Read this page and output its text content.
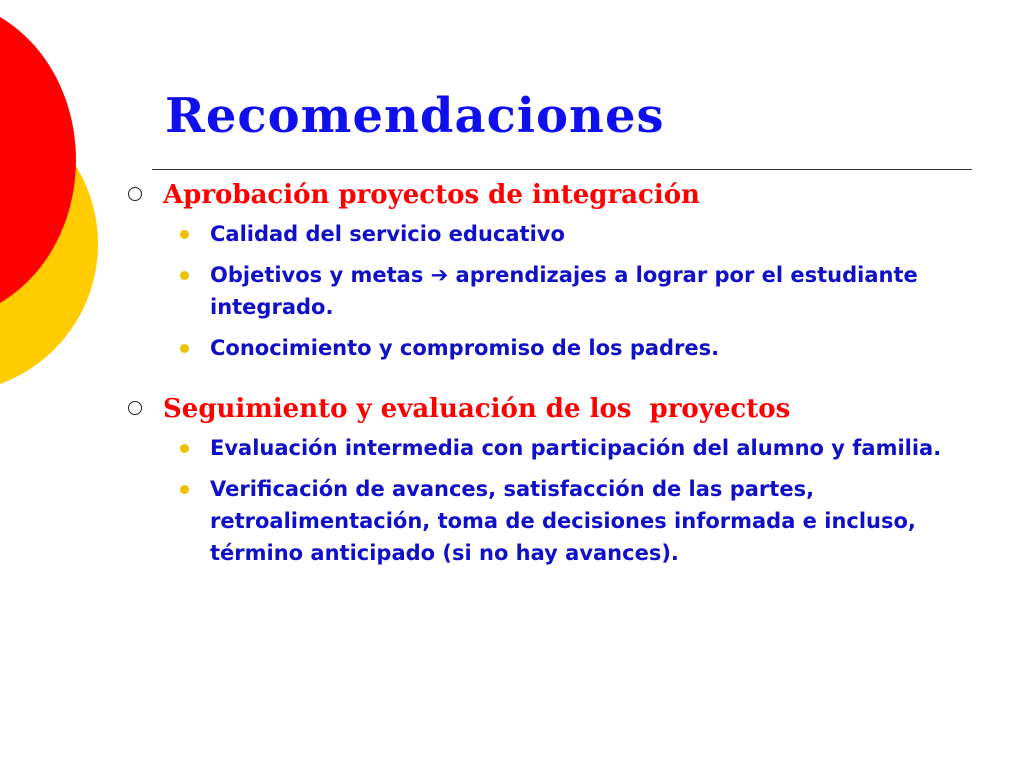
Recomendaciones
Aprobación proyectos de integración
Calidad del servicio educativo
Objetivos y metas ➔ aprendizajes a lograr por el estudiante integrado.
Conocimiento y compromiso de los padres.
Seguimiento y evaluación de los  proyectos
Evaluación intermedia con participación del alumno y familia.
Verificación de avances, satisfacción de las partes, retroalimentación, toma de decisiones informada e incluso, término anticipado (si no hay avances).
